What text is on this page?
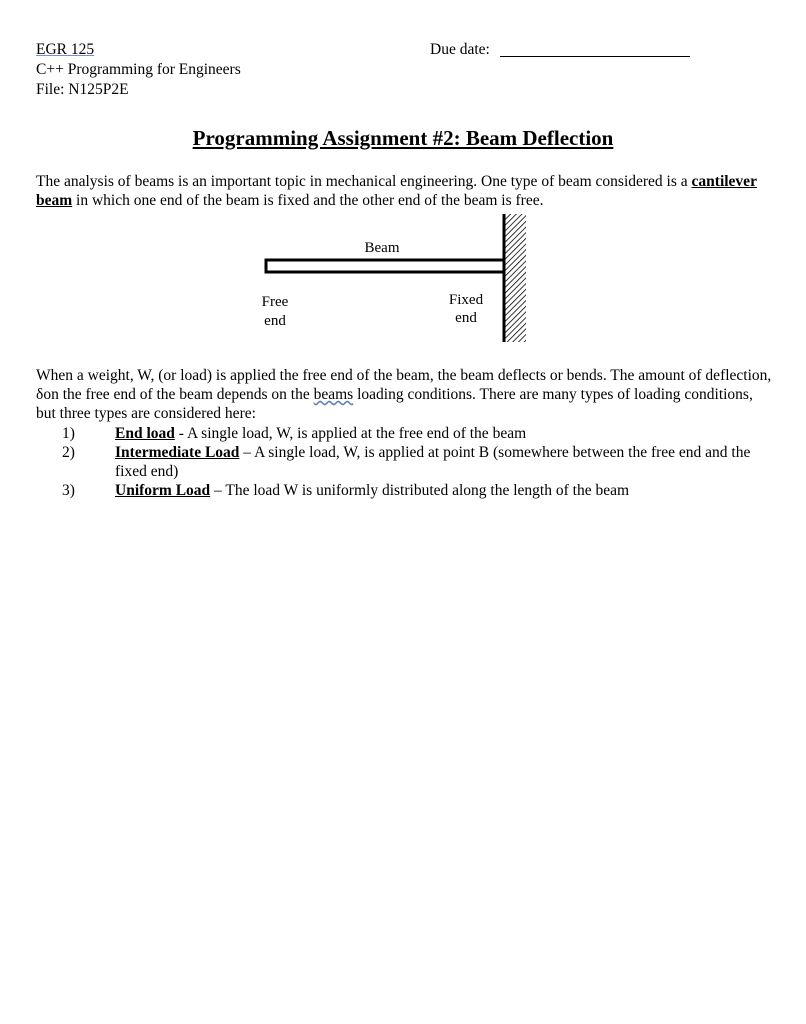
EGR 125
C++ Programming for Engineers
File: N125P2E
Due date:
Programming Assignment #2: Beam Deflection
The analysis of beams is an important topic in mechanical engineering. One type of beam considered is a cantilever beam in which one end of the beam is fixed and the other end of the beam is free.
Beam
Free
end
Fixed
end
When a weight, W, (or load) is applied the free end of the beam, the beam deflects or bends. The amount of deflection, δon the free end of the beam depends on the beams loading conditions. There are many types of loading conditions, but three types are considered here:
1)	End load - A single load, W, is applied at the free end of the beam
2)	Intermediate Load – A single load, W, is applied at point B (somewhere between the free end and the fixed end)
3)	Uniform Load – The load W is uniformly distributed along the length of the beam
